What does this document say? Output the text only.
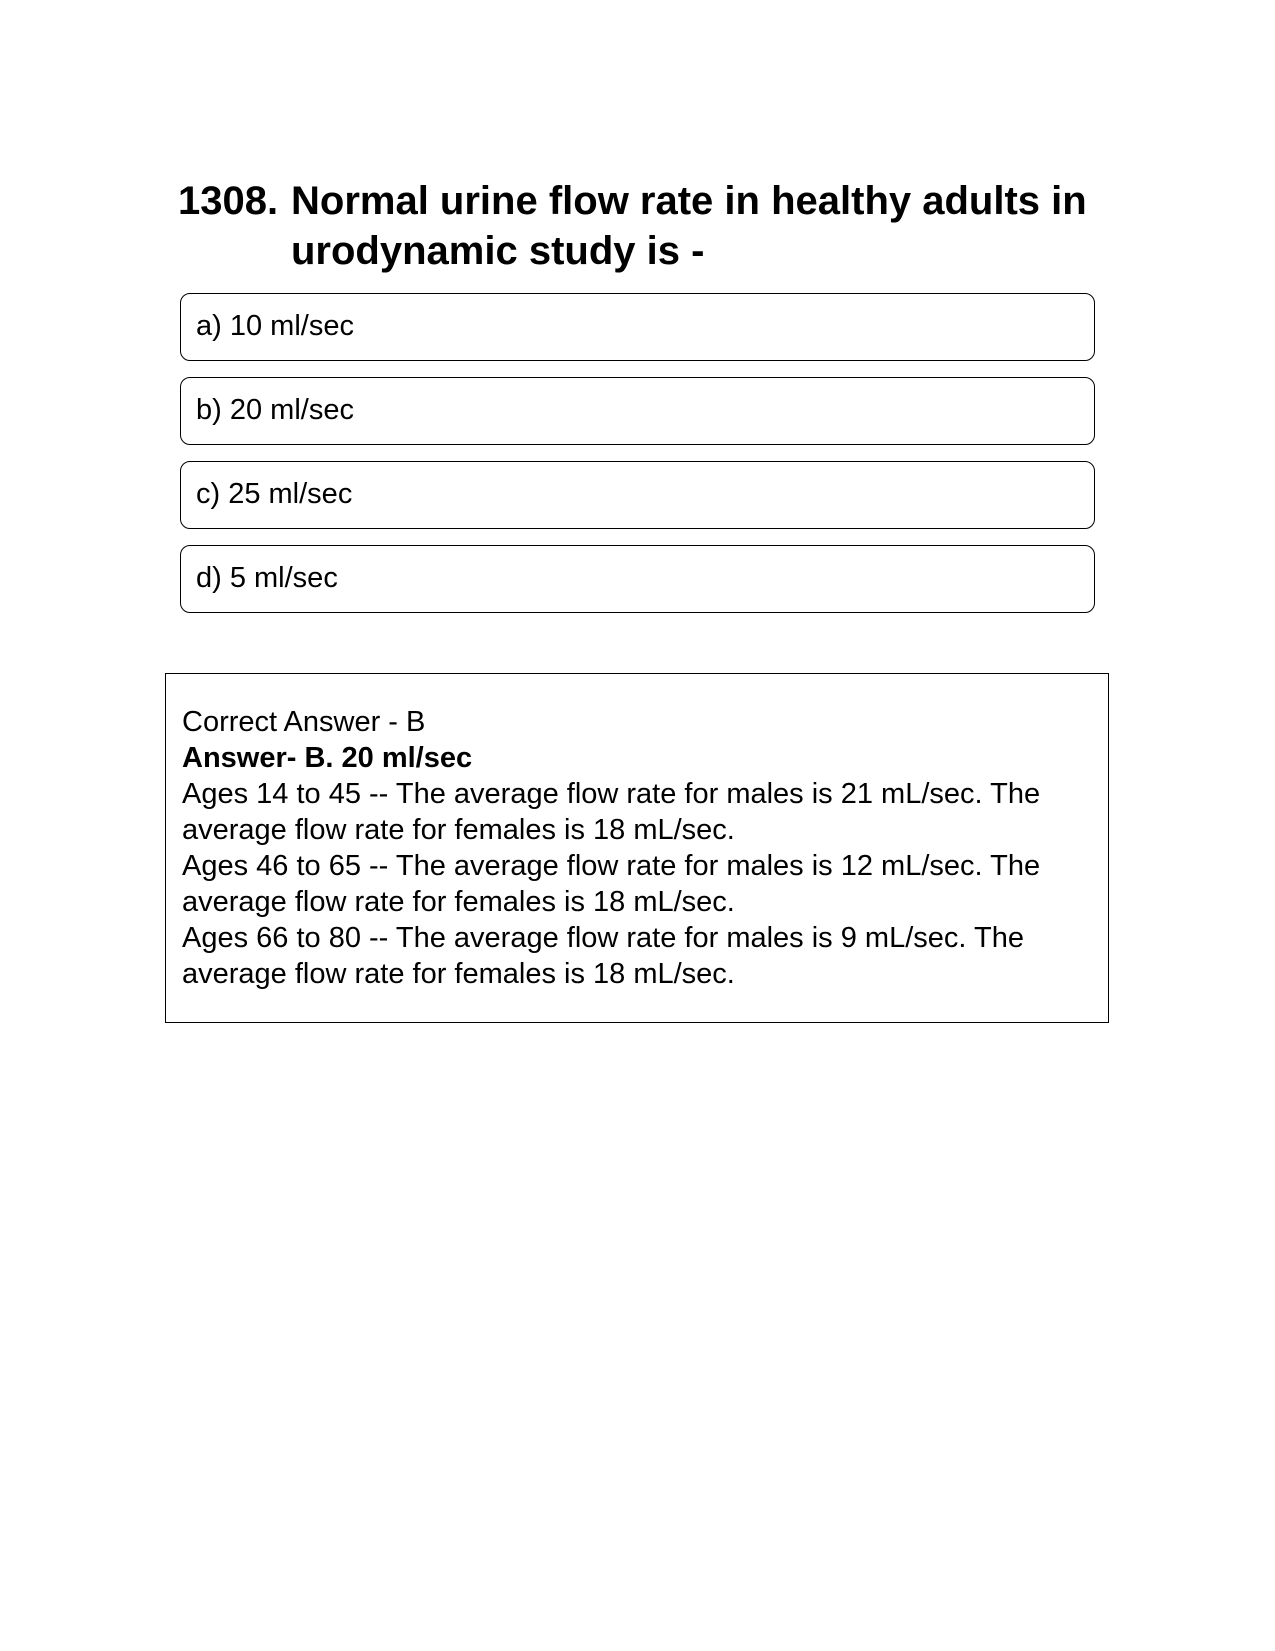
1308. Normal urine flow rate in healthy adults in urodynamic study is -
a) 10 ml/sec
b) 20 ml/sec
c) 25 ml/sec
d) 5 ml/sec

Correct Answer - B

Answer- B. 20 ml/sec

Ages 14 to 45 -- The average flow rate for males is 21 mL/sec. The average flow rate for females is 18 mL/sec.

Ages 46 to 65 -- The average flow rate for males is 12 mL/sec. The average flow rate for females is 18 mL/sec.

Ages 66 to 80 -- The average flow rate for males is 9 mL/sec. The average flow rate for females is 18 mL/sec.
